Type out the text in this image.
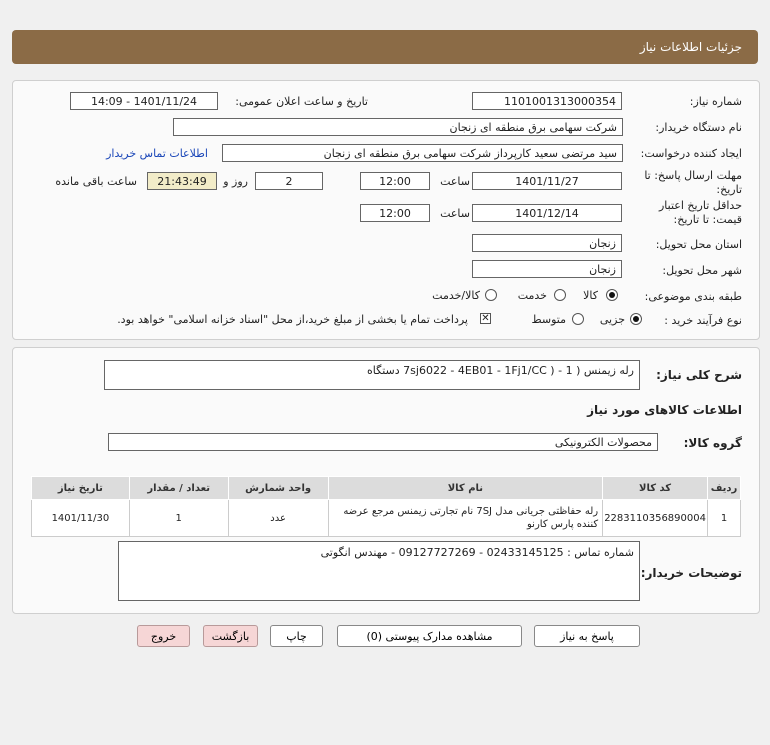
جزئیات اطلاعات نیاز
شماره نیاز:
1101001313000354
تاریخ و ساعت اعلان عمومی:
1401/11/24 - 14:09
نام دستگاه خریدار:
شرکت سهامی برق منطقه ای زنجان
ایجاد کننده درخواست:
سید مرتضی سعید کارپرداز شرکت سهامی برق منطقه ای زنجان
اطلاعات تماس خریدار
مهلت ارسال پاسخ: تا تاریخ:
1401/11/27
ساعت
12:00
2
روز و
21:43:49
ساعت باقی مانده
حداقل تاریخ اعتبار قیمت: تا تاریخ:
1401/12/14
ساعت
12:00
استان محل تحویل:
زنجان
شهر محل تحویل:
زنجان
طبقه بندی موضوعی:
کالا
خدمت
کالا/خدمت
نوع فرآیند خرید :
جزیی
متوسط
✕
پرداخت تمام یا بخشی از مبلغ خرید،از محل "اسناد خزانه اسلامی" خواهد بود.
شرح کلی نیاز:
رله زیمنس ( 1 - ( 7sj6022 - 4EB01 - 1Fj1/CC دستگاه
اطلاعات کالاهای مورد نیاز
گروه کالا:
محصولات الکترونیکی
تاریخ نیاز	تعداد / مقدار	واحد شمارش	نام کالا	کد کالا	ردیف
1401/11/30	1	عدد	رله حفاظتی جریانی مدل 7SJ نام تجارتی زیمنس مرجع عرضه کننده پارس کارنو	2283110356890004	1
توضیحات خریدار:
شماره تماس : 02433145125 - 09127727269 - مهندس انگوتی
پاسخ به نیاز
مشاهده مدارک پیوستی (0)
چاپ
بازگشت
خروج
